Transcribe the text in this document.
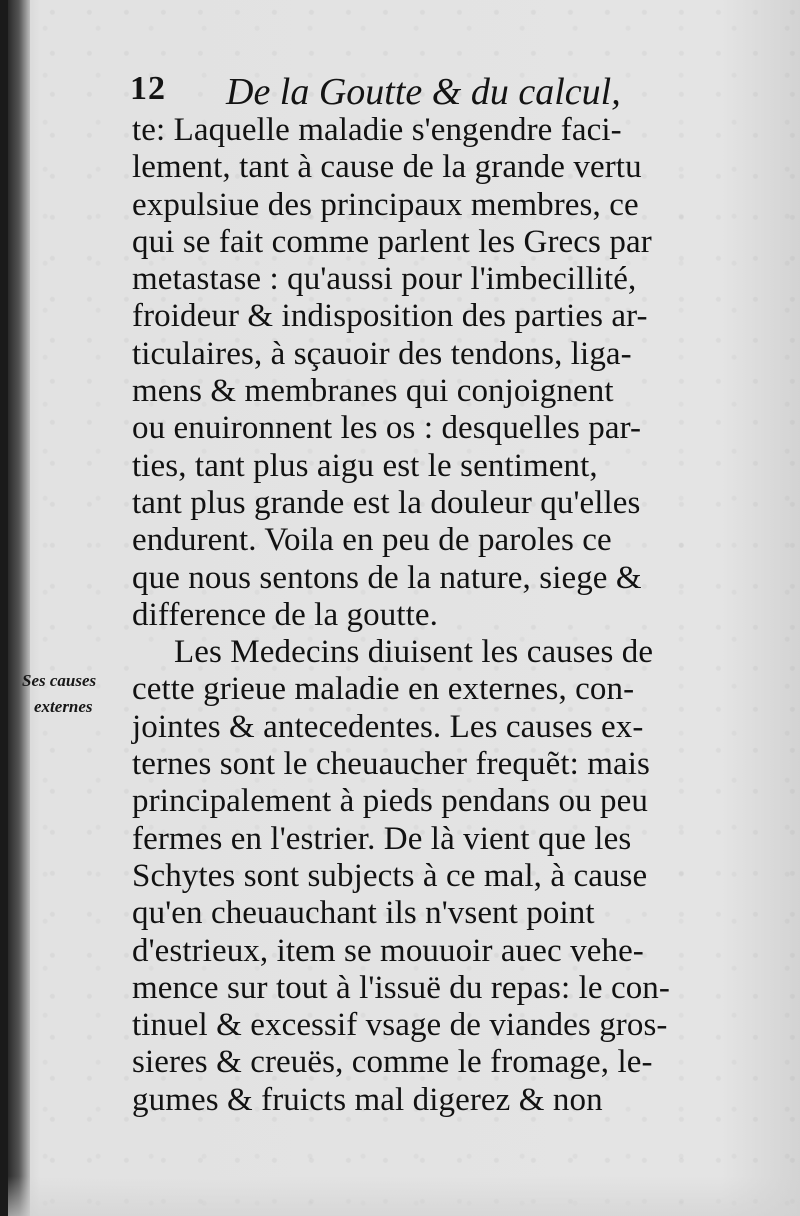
12 De la Goutte & du calcul,
Ses causes
externes
te: Laquelle maladie s'engendre faci-
lement, tant à cause de la grande vertu
expulsiue des principaux membres, ce
qui se fait comme parlent les Grecs par
metastase : qu'aussi pour l'imbecillité,
froideur & indisposition des parties ar-
ticulaires, à sçauoir des tendons, liga-
mens & membranes qui conjoignent
ou enuironnent les os : desquelles par-
ties, tant plus aigu est le sentiment,
tant plus grande est la douleur qu'elles
endurent. Voila en peu de paroles ce
que nous sentons de la nature, siege &
difference de la goutte.
Les Medecins diuisent les causes de
cette grieue maladie en externes, con-
jointes & antecedentes. Les causes ex-
ternes sont le cheuaucher frequẽt: mais
principalement à pieds pendans ou peu
fermes en l'estrier. De là vient que les
Schytes sont subjects à ce mal, à cause
qu'en cheuauchant ils n'vsent point
d'estrieux, item se mouuoir auec vehe-
mence sur tout à l'issuë du repas: le con-
tinuel & excessif vsage de viandes gros-
sieres & creuës, comme le fromage, le-
gumes & fruicts mal digerez & non
